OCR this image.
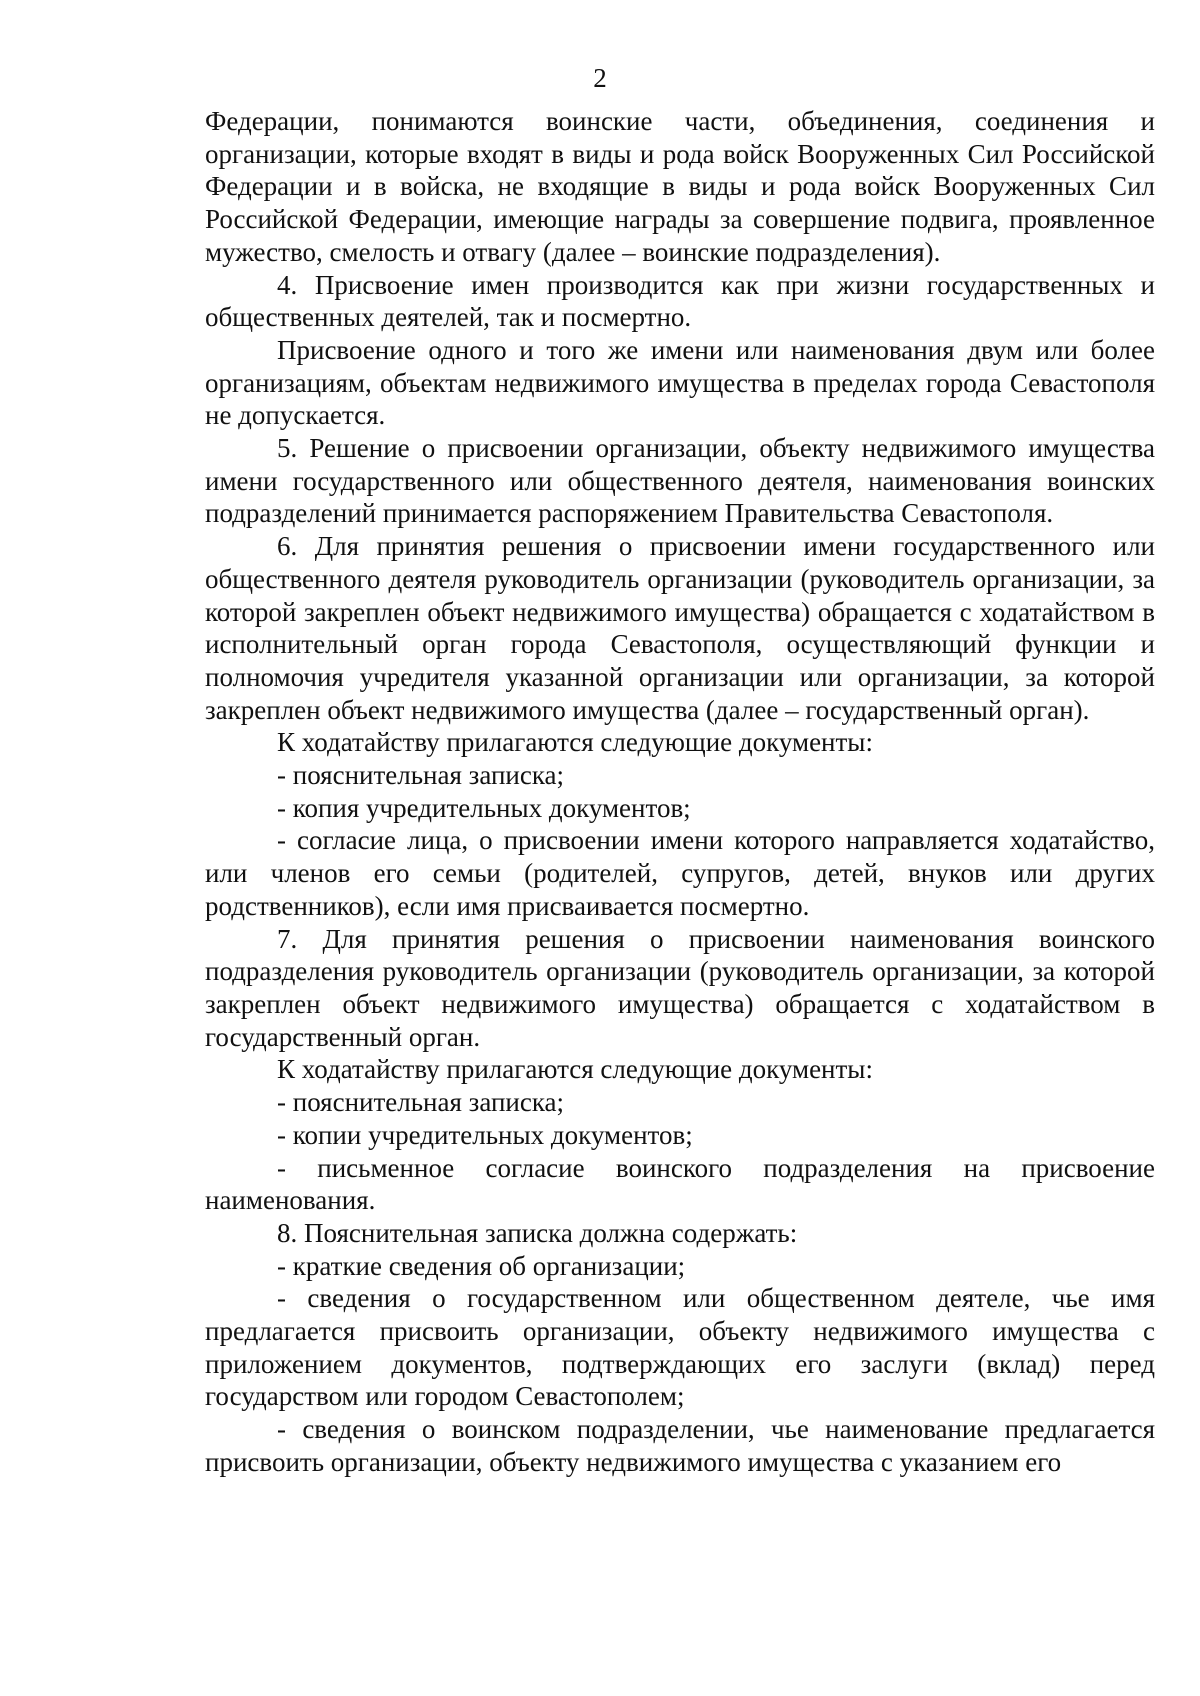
2

Федерации, понимаются воинские части, объединения, соединения и организации, которые входят в виды и рода войск Вооруженных Сил Российской Федерации и в войска, не входящие в виды и рода войск Вооруженных Сил Российской Федерации, имеющие награды за совершение подвига, проявленное мужество, смелость и отвагу (далее – воинские подразделения).

4. Присвоение имен производится как при жизни государственных и общественных деятелей, так и посмертно.

Присвоение одного и того же имени или наименования двум или более организациям, объектам недвижимого имущества в пределах города Севастополя не допускается.

5. Решение о присвоении организации, объекту недвижимого имущества имени государственного или общественного деятеля, наименования воинских подразделений принимается распоряжением Правительства Севастополя.

6. Для принятия решения о присвоении имени государственного или общественного деятеля руководитель организации (руководитель организации, за которой закреплен объект недвижимого имущества) обращается с ходатайством в исполнительный орган города Севастополя, осуществляющий функции и полномочия учредителя указанной организации или организации, за которой закреплен объект недвижимого имущества (далее – государственный орган).

К ходатайству прилагаются следующие документы:

- пояснительная записка;

- копия учредительных документов;

- согласие лица, о присвоении имени которого направляется ходатайство, или членов его семьи (родителей, супругов, детей, внуков или других родственников), если имя присваивается посмертно.

7. Для принятия решения о присвоении наименования воинского подразделения руководитель организации (руководитель организации, за которой закреплен объект недвижимого имущества) обращается с ходатайством в государственный орган.

К ходатайству прилагаются следующие документы:

- пояснительная записка;

- копии учредительных документов;

- письменное согласие воинского подразделения на присвоение наименования.

8. Пояснительная записка должна содержать:

- краткие сведения об организации;

- сведения о государственном или общественном деятеле, чье имя предлагается присвоить организации, объекту недвижимого имущества с приложением документов, подтверждающих его заслуги (вклад) перед государством или городом Севастополем;

- сведения о воинском подразделении, чье наименование предлагается присвоить организации, объекту недвижимого имущества с указанием его
